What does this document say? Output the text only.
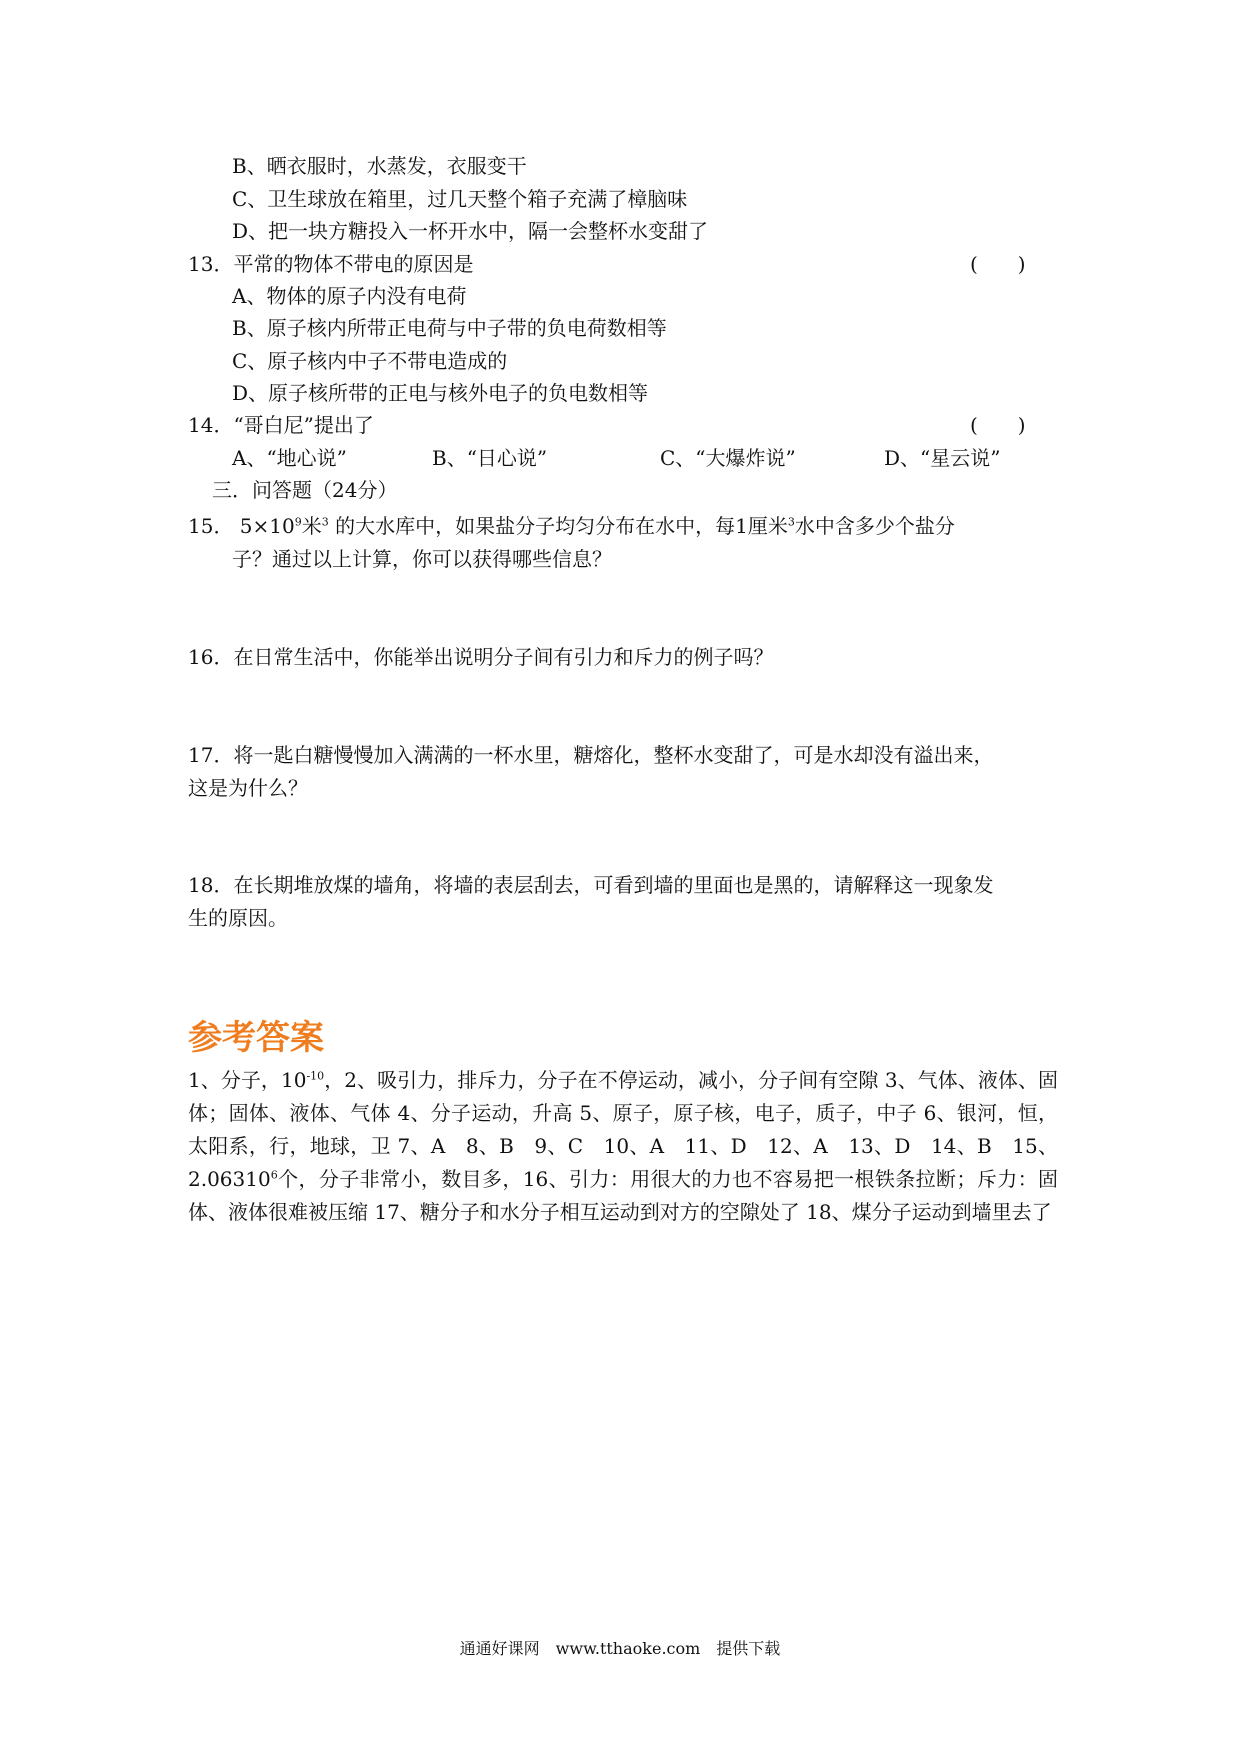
B、晒衣服时，水蒸发，衣服变干
C、卫生球放在箱里，过几天整个箱子充满了樟脑味
D、把一块方糖投入一杯开水中，隔一会整杯水变甜了
13．平常的物体不带电的原因是	(　　)
A、物体的原子内没有电荷
B、原子核内所带正电荷与中子带的负电荷数相等
C、原子核内中子不带电造成的
D、原子核所带的正电与核外电子的负电数相等
14．“哥白尼”提出了	(　　)
A、“地心说”	B、“日心说”	C、“大爆炸说”	D、“星云说”
三．问答题（24分）
15． $5\times 10^9$米$^3$ 的大水库中，如果盐分子均匀分布在水中，每1厘米$^3$水中含多少个盐分
子？通过以上计算，你可以获得哪些信息？
16．在日常生活中，你能举出说明分子间有引力和斥力的例子吗？
17．将一匙白糖慢慢加入满满的一杯水里，糖熔化，整杯水变甜了，可是水却没有溢出来，
这是为什么？
18．在长期堆放煤的墙角，将墙的表层刮去，可看到墙的里面也是黑的，请解释这一现象发
生的原因。
参考答案
1、分子，$10^{-10}$，2、吸引力，排斥力，分子在不停运动，减小，分子间有空隙 3、气体、液体、固体；固体、液体、气体 4、分子运动，升高 5、原子，原子核，电子，质子，中子 6、银河，恒，太阳系，行，地球，卫 7、A　8、B　9、C　10、A　11、D　12、A　13、D　14、B　15、2.06310$^6$个，分子非常小，数目多，16、引力：用很大的力也不容易把一根铁条拉断；斥力：固体、液体很难被压缩 17、糖分子和水分子相互运动到对方的空隙处了 18、煤分子运动到墙里去了
通通好课网　www.tthaoke.com　提供下载
